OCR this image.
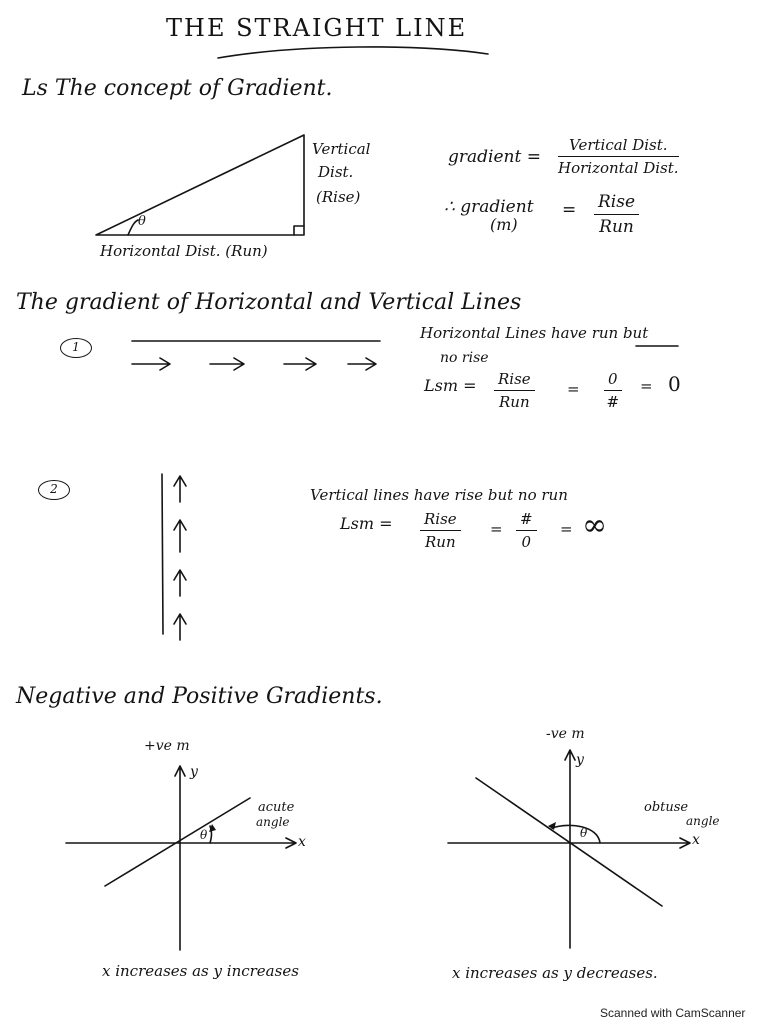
THE STRAIGHT LINE
Ls The concept of Gradient.
Vertical
Dist.
(Rise)
θ
Horizontal Dist. (Run)
gradient =
Vertical Dist.
Horizontal Dist.
∴ gradient
(m)
= Rise
Run
The gradient of Horizontal and Vertical Lines
1
Horizontal Lines have run but
no rise
Lsm = Rise
Run
=
0
#
= 0
2	Vertical lines have rise but no run
Lsm = Rise
Run
=
#
0
= ∞
Negative and Positive Gradients.
+ve m
y
x
θ
acute
angle
x increases as y increases
-ve m
y
x
θ
obtuse
angle
x increases as y decreases.
Scanned with CamScanner
